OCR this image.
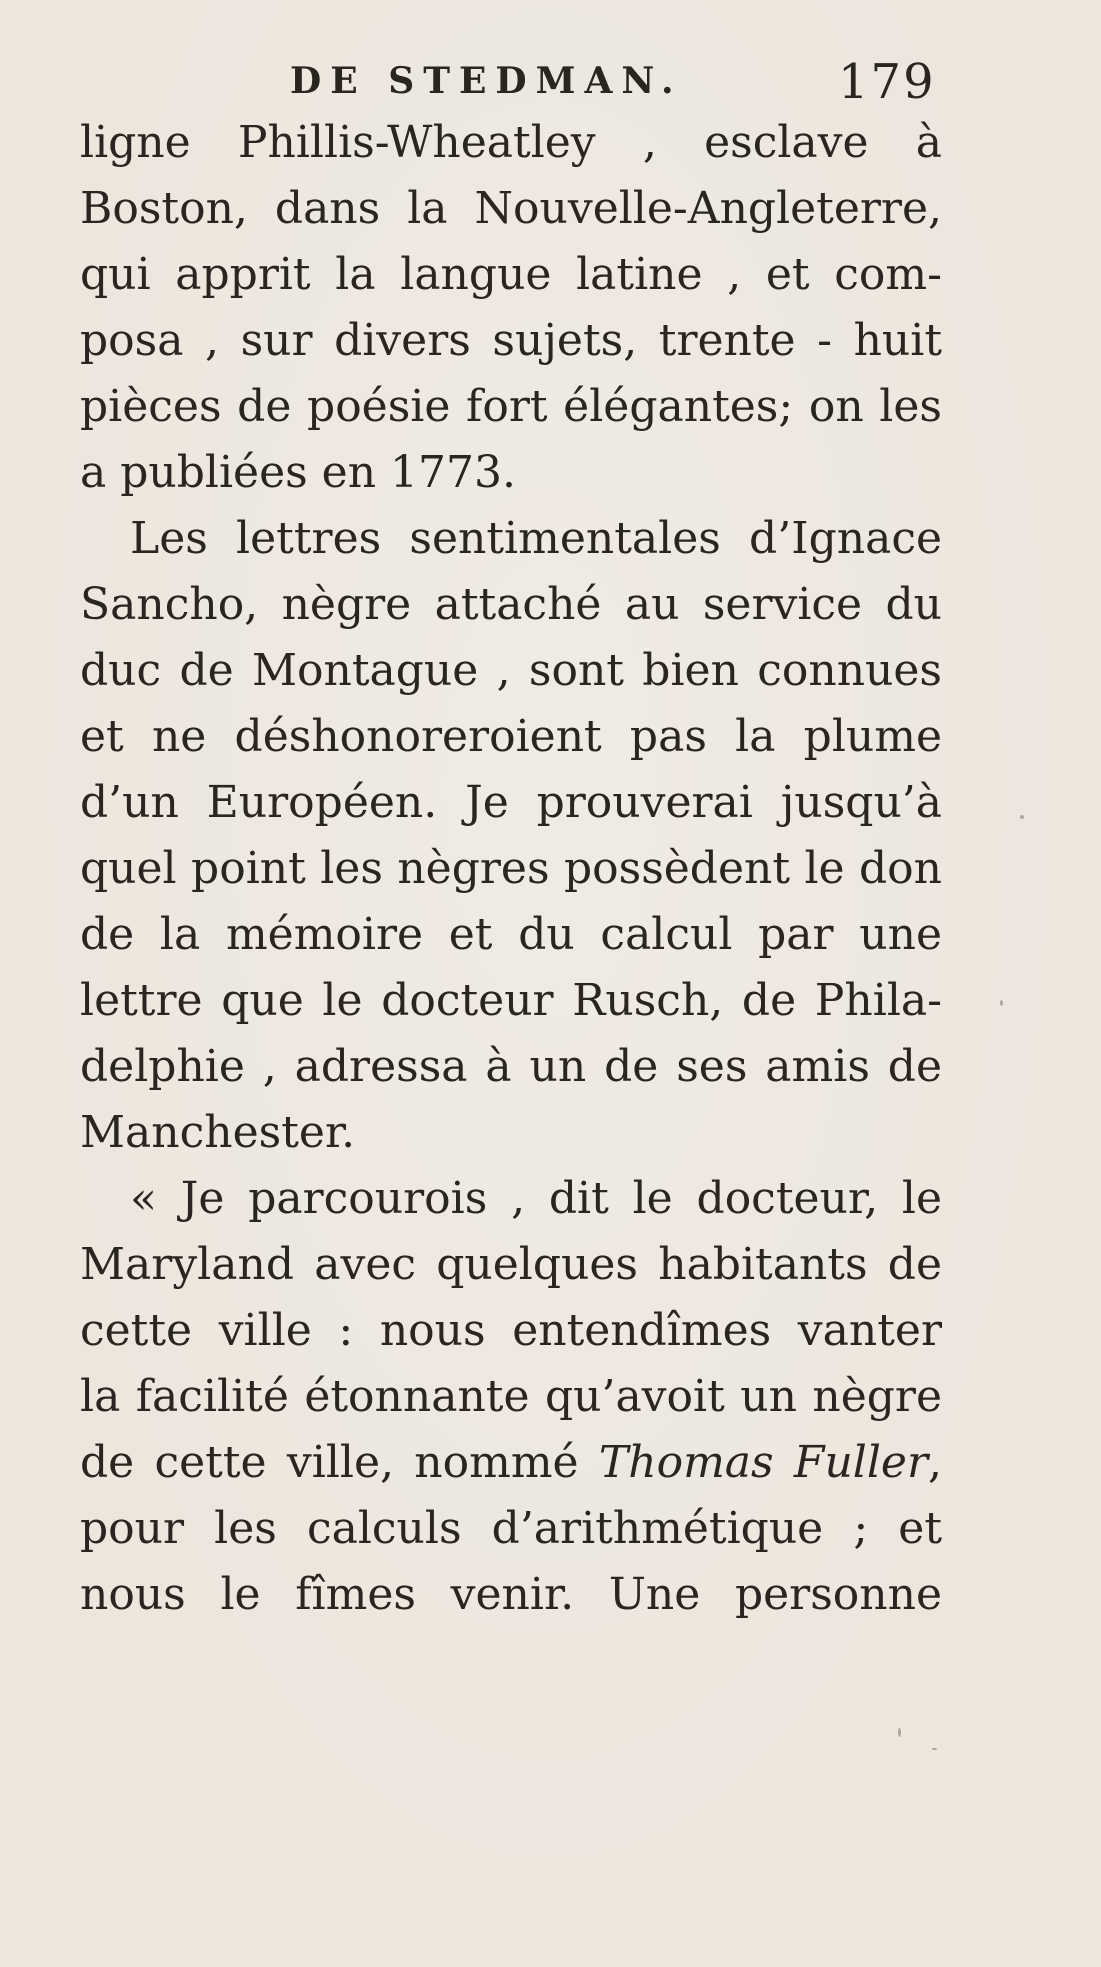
DE STEDMAN.	179
ligne Phillis-Wheatley , esclave à
Boston, dans la Nouvelle-Angleterre,
qui apprit la langue latine , et com-
posa , sur divers sujets, trente - huit
pièces de poésie fort élégantes; on les
a publiées en 1773.
Les lettres sentimentales d’Ignace
Sancho, nègre attaché au service du
duc de Montague , sont bien connues
et ne déshonoreroient pas la plume
d’un Européen. Je prouverai jusqu’à
quel point les nègres possèdent le don
de la mémoire et du calcul par une
lettre que le docteur Rusch, de Phila-
delphie , adressa à un de ses amis de
Manchester.
« Je parcourois , dit le docteur, le
Maryland avec quelques habitants de
cette ville : nous entendîmes vanter
la facilité étonnante qu’avoit un nègre
de cette ville, nommé Thomas Fuller,
pour les calculs d’arithmétique ; et
nous le fîmes venir. Une personne
